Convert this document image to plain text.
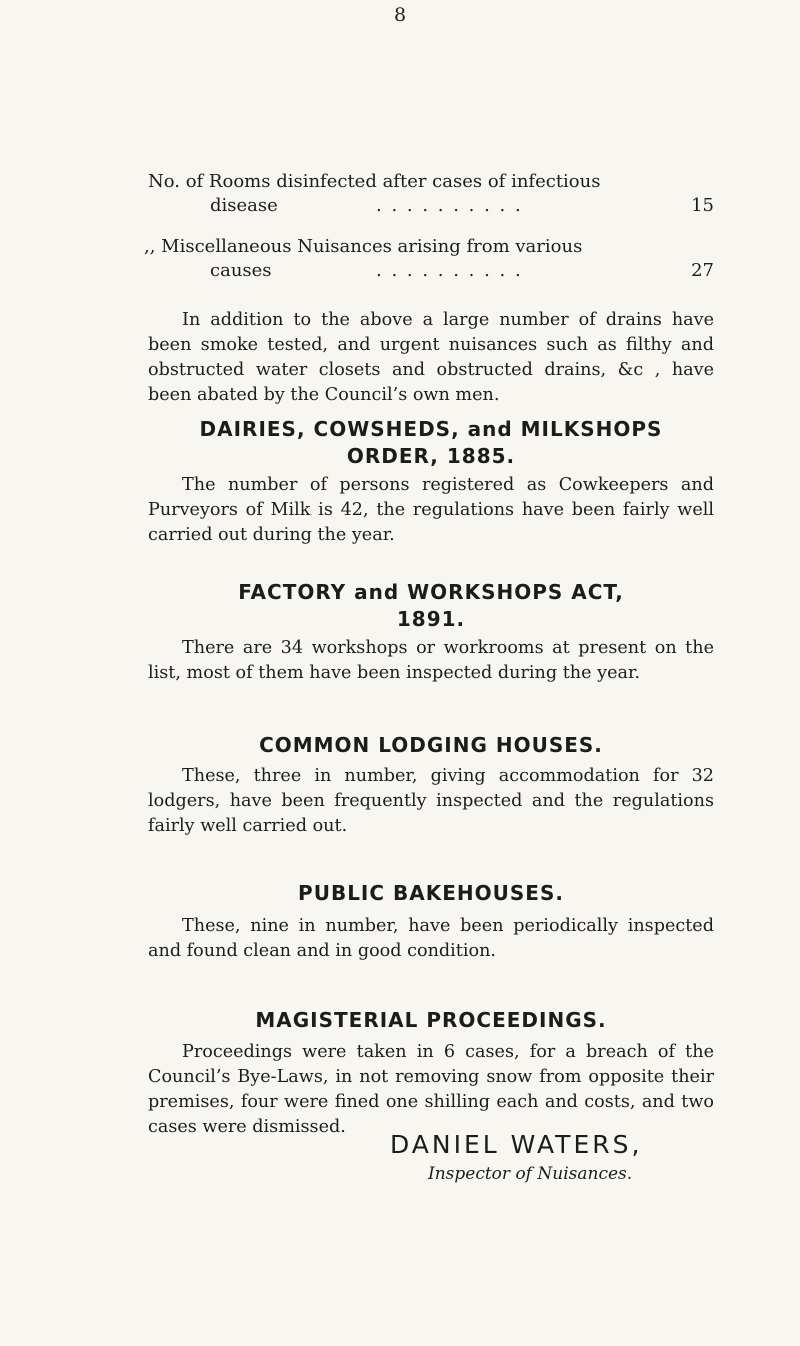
8
No. of Rooms disinfected after cases of infectious
disease	. . . . . . . . . .	15
,, Miscellaneous Nuisances arising from various
causes	. . . . . . . . . .	27
In addition to the above a large number of drains have been smoke tested, and urgent nuisances such as filthy and obstructed water closets and obstructed drains, &c , have been abated by the Council’s own men.
DAIRIES, COWSHEDS, and MILKSHOPS
ORDER, 1885.
The number of persons registered as Cowkeepers and Purveyors of Milk is 42, the regulations have been fairly well carried out during the year.
FACTORY and WORKSHOPS ACT,
1891.
There are 34 workshops or workrooms at present on the list, most of them have been inspected during the year.
COMMON LODGING HOUSES.
These, three in number, giving accommodation for 32 lodgers, have been frequently inspected and the regulations fairly well carried out.
PUBLIC BAKEHOUSES.
These, nine in number, have been periodically inspected and found clean and in good condition.
MAGISTERIAL PROCEEDINGS.
Proceedings were taken in 6 cases, for a breach of the Council’s Bye-Laws, in not removing snow from opposite their premises, four were fined one shilling each and costs, and two cases were dismissed.
DANIEL WATERS,
Inspector of Nuisances.
